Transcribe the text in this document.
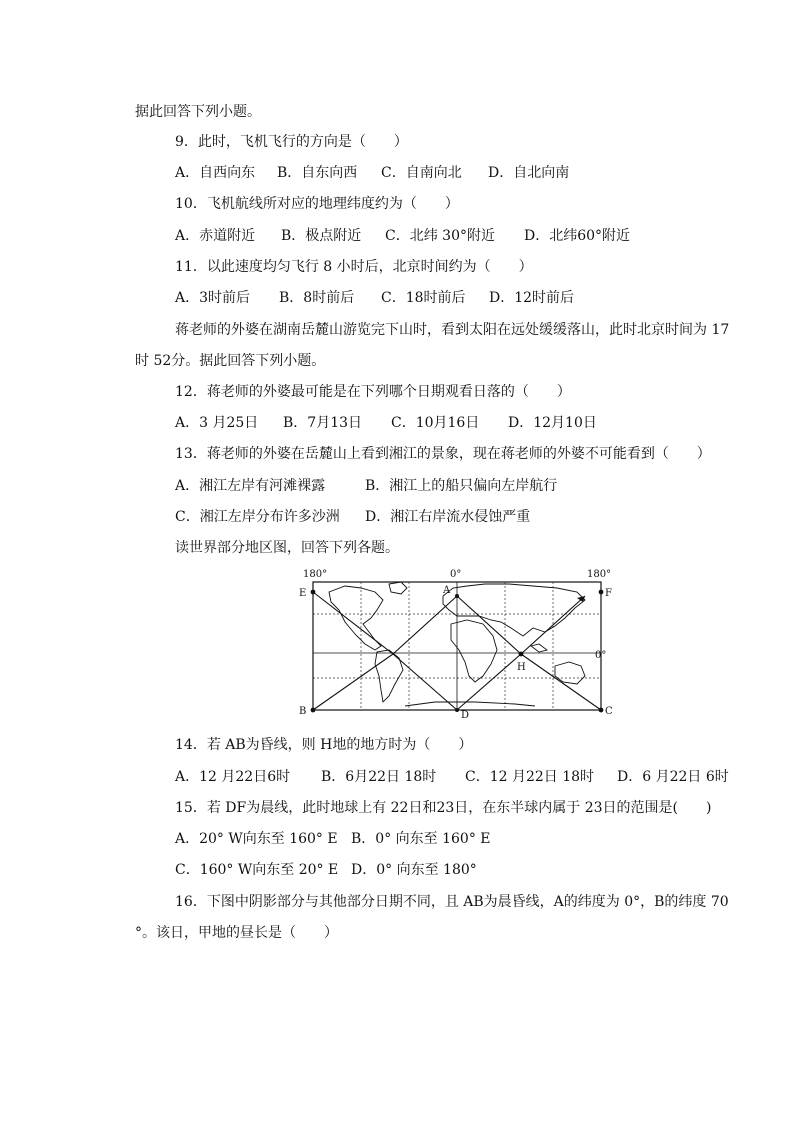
据此回答下列小题。
9．此时，飞机飞行的方向是（　　）
A．自西向东 B．自东向西 C．自南向北 D．自北向南
10．飞机航线所对应的地理纬度约为（　　）
A．赤道附近 B．极点附近 C．北纬 30°附近 D．北纬60°附近
11．以此速度均匀飞行 8 小时后，北京时间约为（　　）
A．3时前后 B．8时前后 C．18时前后 D．12时前后
蒋老师的外婆在湖南岳麓山游览完下山时，看到太阳在远处缓缓落山，此时北京时间为 17
时 52分。据此回答下列小题。
12．蒋老师的外婆最可能是在下列哪个日期观看日落的（　　）
A．3 月25日 B．7月13日 C．10月16日 D．12月10日
13．蒋老师的外婆在岳麓山上看到湘江的景象，现在蒋老师的外婆不可能看到（　　）
A．湘江左岸有河滩裸露	B．湘江上的船只偏向左岸航行
C．湘江左岸分布许多沙洲 D．湘江右岸流水侵蚀严重
读世界部分地区图，回答下列各题。
180°	0°	180°
0°
A
B	C
D
E	F
H
14．若 AB为昏线，则 H地的地方时为（　　）
A．12 月22日6时 B．6月22日 18时 C．12 月22日 18时 D．6 月22日 6时
15．若 DF为晨线，此时地球上有 22日和23日，在东半球内属于 23日的范围是(　　)
A．20° W向东至 160° E B．0° 向东至 160° E
C．160° W向东至 20° E D．0° 向东至 180°
16．下图中阴影部分与其他部分日期不同，且 AB为晨昏线，A的纬度为 0°，B的纬度 70
°。该日，甲地的昼长是（　　）
